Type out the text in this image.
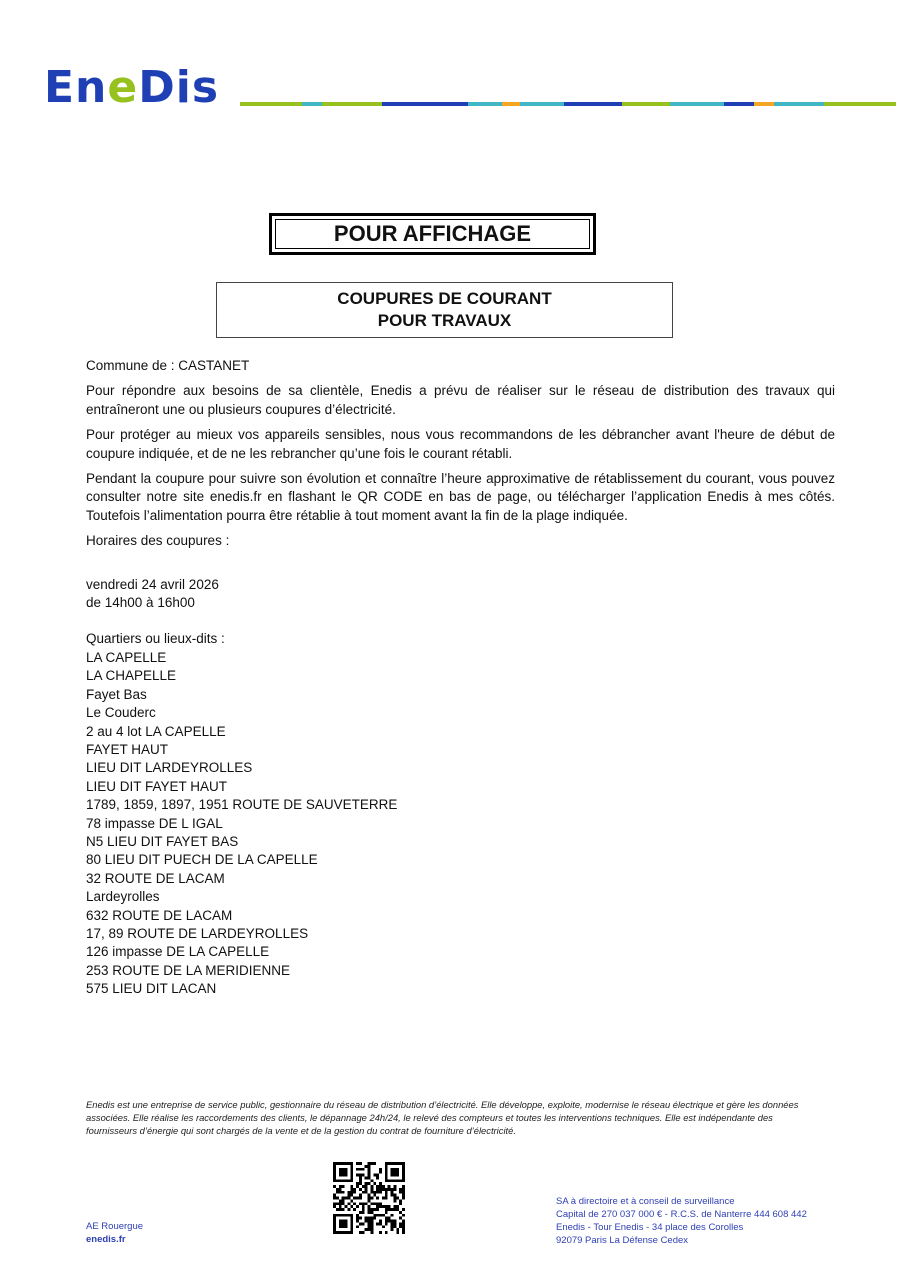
EneDis
POUR AFFICHAGE
COUPURES DE COURANT
POUR TRAVAUX

Commune de : CASTANET

Pour répondre aux besoins de sa clientèle, Enedis a prévu de réaliser sur le réseau de distribution des travaux qui entraîneront une ou plusieurs coupures d’électricité.

Pour protéger au mieux vos appareils sensibles, nous vous recommandons de les débrancher avant l'heure de début de coupure indiquée, et de ne les rebrancher qu’une fois le courant rétabli.

Pendant la coupure pour suivre son évolution et connaître l’heure approximative de rétablissement du courant, vous pouvez consulter notre site enedis.fr en flashant le QR CODE en bas de page, ou télécharger l’application Enedis à mes côtés. Toutefois l’alimentation pourra être rétablie à tout moment avant la fin de la plage indiquée.

Horaires des coupures :

vendredi 24 avril 2026
de 14h00 à 16h00
Quartiers ou lieux-dits :
LA CAPELLE
LA CHAPELLE
Fayet Bas
Le Couderc
2 au 4 lot LA CAPELLE
FAYET HAUT
LIEU DIT LARDEYROLLES
LIEU DIT FAYET HAUT
1789, 1859, 1897, 1951 ROUTE DE SAUVETERRE
78 impasse DE L IGAL
N5 LIEU DIT FAYET BAS
80 LIEU DIT PUECH DE LA CAPELLE
32 ROUTE DE LACAM
Lardeyrolles
632 ROUTE DE LACAM
17, 89 ROUTE DE LARDEYROLLES
126 impasse DE LA CAPELLE
253 ROUTE DE LA MERIDIENNE
575 LIEU DIT LACAN
Enedis est une entreprise de service public, gestionnaire du réseau de distribution d’électricité. Elle développe, exploite, modernise le réseau électrique et gère les données associées. Elle réalise les raccordements des clients, le dépannage 24h/24, le relevé des compteurs et toutes les interventions techniques. Elle est indépendante des fournisseurs d’énergie qui sont chargés de la vente et de la gestion du contrat de fourniture d’électricité.
AE Rouergue
enedis.fr
SA à directoire et à conseil de surveillance
Capital de 270 037 000 € - R.C.S. de Nanterre 444 608 442
Enedis - Tour Enedis - 34 place des Corolles
92079 Paris La Défense Cedex
